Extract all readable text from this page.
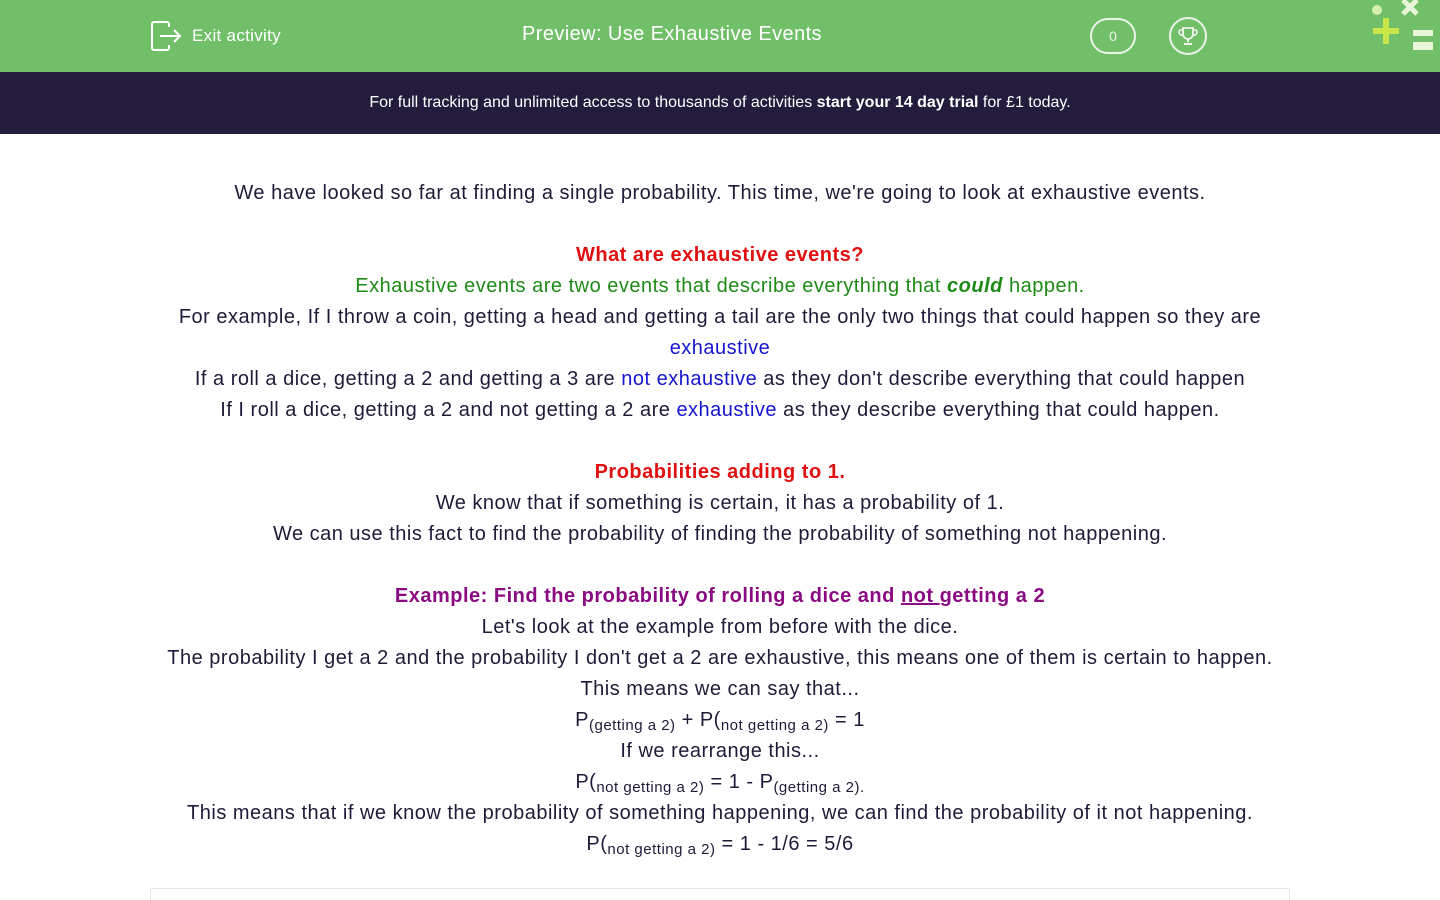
Exit activity	Preview: Use Exhaustive Events	0
For full tracking and unlimited access to thousands of activities start your 14 day trial for £1 today.

We have looked so far at finding a single probability. This time, we're going to look at exhaustive events.

What are exhaustive events?

Exhaustive events are two events that describe everything that could happen.

For example, If I throw a coin, getting a head and getting a tail are the only two things that could happen so they are exhaustive

If a roll a dice, getting a 2 and getting a 3 are not exhaustive as they don't describe everything that could happen

If I roll a dice, getting a 2 and not getting a 2 are exhaustive as they describe everything that could happen.

Probabilities adding to 1.

We know that if something is certain, it has a probability of 1.

We can use this fact to find the probability of finding the probability of something not happening.

Example: Find the probability of rolling a dice and not getting a 2

Let's look at the example from before with the dice.

The probability I get a 2 and the probability I don't get a 2 are exhaustive, this means one of them is certain to happen.

This means we can say that...

$P_{(getting a 2)} + P(_{not getting a 2)} = 1$

If we rearrange this...

$P(_{not getting a 2)} = 1 - P_{(getting a 2).}$

This means that if we know the probability of something happening, we can find the probability of it not happening.

$P(_{not getting a 2)} = 1 - 1/6 = 5/6$
